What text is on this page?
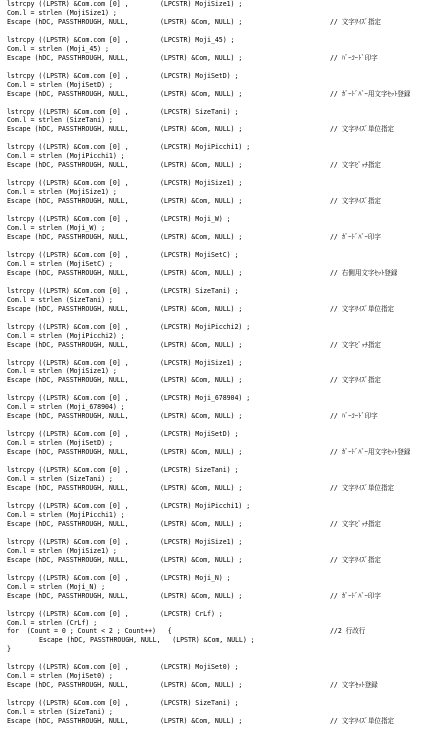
lstrcpy ((LPSTR) &Com.com [0] ,	(LPCSTR) MojiSize1) ;
Com.l = strlen (MojiSize1) ;
Escape (hDC, PASSTHROUGH, NULL,	(LPSTR) &Com, NULL) ;	// 文字ｻｲｽﾞ指定
lstrcpy ((LPSTR) &Com.com [0] ,	(LPCSTR) Moji_45) ;
Com.l = strlen (Moji_45) ;
Escape (hDC, PASSTHROUGH, NULL,	(LPSTR) &Com, NULL) ;	// ﾊﾞｰｺｰﾄﾞ印字
lstrcpy ((LPSTR) &Com.com [0] ,	(LPCSTR) MojiSetD) ;
Com.l = strlen (MojiSetD) ;
Escape (hDC, PASSTHROUGH, NULL,	(LPSTR) &Com, NULL) ;	// ｶﾞｰﾄﾞﾊﾞｰ用文字ｾｯﾄ登録
lstrcpy ((LPSTR) &Com.com [0] ,	(LPCSTR) SizeTani) ;
Com.l = strlen (SizeTani) ;
Escape (hDC, PASSTHROUGH, NULL,	(LPSTR) &Com, NULL) ;	// 文字ｻｲｽﾞ単位指定
lstrcpy ((LPSTR) &Com.com [0] ,	(LPCSTR) MojiPicchi1) ;
Com.l = strlen (MojiPicchi1) ;
Escape (hDC, PASSTHROUGH, NULL,	(LPSTR) &Com, NULL) ;	// 文字ﾋﾟｯﾁ指定
lstrcpy ((LPSTR) &Com.com [0] ,	(LPCSTR) MojiSize1) ;
Com.l = strlen (MojiSize1) ;
Escape (hDC, PASSTHROUGH, NULL,	(LPSTR) &Com, NULL) ;	// 文字ｻｲｽﾞ指定
lstrcpy ((LPSTR) &Com.com [0] ,	(LPCSTR) Moji_W) ;
Com.l = strlen (Moji_W) ;
Escape (hDC, PASSTHROUGH, NULL,	(LPSTR) &Com, NULL) ;	// ｶﾞｰﾄﾞﾊﾞｰ印字
lstrcpy ((LPSTR) &Com.com [0] ,	(LPCSTR) MojiSetC) ;
Com.l = strlen (MojiSetC) ;
Escape (hDC, PASSTHROUGH, NULL,	(LPSTR) &Com, NULL) ;	// 右側用文字ｾｯﾄ登録
lstrcpy ((LPSTR) &Com.com [0] ,	(LPCSTR) SizeTani) ;
Com.l = strlen (SizeTani) ;
Escape (hDC, PASSTHROUGH, NULL,	(LPSTR) &Com, NULL) ;	// 文字ｻｲｽﾞ単位指定
lstrcpy ((LPSTR) &Com.com [0] ,	(LPCSTR) MojiPicchi2) ;
Com.l = strlen (MojiPicchi2) ;
Escape (hDC, PASSTHROUGH, NULL,	(LPSTR) &Com, NULL) ;	// 文字ﾋﾟｯﾁ指定
lstrcpy ((LPSTR) &Com.com [0] ,	(LPCSTR) MojiSize1) ;
Com.l = strlen (MojiSize1) ;
Escape (hDC, PASSTHROUGH, NULL,	(LPSTR) &Com, NULL) ;	// 文字ｻｲｽﾞ指定
lstrcpy ((LPSTR) &Com.com [0] ,	(LPCSTR) Moji_678904) ;
Com.l = strlen (Moji_678904) ;
Escape (hDC, PASSTHROUGH, NULL,	(LPSTR) &Com, NULL) ;	// ﾊﾞｰｺｰﾄﾞ印字
lstrcpy ((LPSTR) &Com.com [0] ,	(LPCSTR) MojiSetD) ;
Com.l = strlen (MojiSetD) ;
Escape (hDC, PASSTHROUGH, NULL,	(LPSTR) &Com, NULL) ;	// ｶﾞｰﾄﾞﾊﾞｰ用文字ｾｯﾄ登録
lstrcpy ((LPSTR) &Com.com [0] ,	(LPCSTR) SizeTani) ;
Com.l = strlen (SizeTani) ;
Escape (hDC, PASSTHROUGH, NULL,	(LPSTR) &Com, NULL) ;	// 文字ｻｲｽﾞ単位指定
lstrcpy ((LPSTR) &Com.com [0] ,	(LPCSTR) MojiPicchi1) ;
Com.l = strlen (MojiPicchi1) ;
Escape (hDC, PASSTHROUGH, NULL,	(LPSTR) &Com, NULL) ;	// 文字ﾋﾟｯﾁ指定
lstrcpy ((LPSTR) &Com.com [0] ,	(LPCSTR) MojiSize1) ;
Com.l = strlen (MojiSize1) ;
Escape (hDC, PASSTHROUGH, NULL,	(LPSTR) &Com, NULL) ;	// 文字ｻｲｽﾞ指定
lstrcpy ((LPSTR) &Com.com [0] ,	(LPCSTR) Moji_N) ;
Com.l = strlen (Moji_N) ;
Escape (hDC, PASSTHROUGH, NULL,	(LPSTR) &Com, NULL) ;	// ｶﾞｰﾄﾞﾊﾞｰ印字

lstrcpy ((LPSTR) &Com.com [0] ,

	(LPCSTR) CrLf) ;

Com.l = strlen (CrLf) ;

for  (Count = 0 ; Count < 2 ; Count++)   {

	//2 行改行

Escape (hDC, PASSTHROUGH, NULL,   (LPSTR) &Com, NULL) ;

}

lstrcpy ((LPSTR) &Com.com [0] ,	(LPCSTR) MojiSet0) ;
Com.l = strlen (MojiSet0) ;
Escape (hDC, PASSTHROUGH, NULL,	(LPSTR) &Com, NULL) ;	// 文字ｾｯﾄ登録
lstrcpy ((LPSTR) &Com.com [0] ,	(LPCSTR) SizeTani) ;
Com.l = strlen (SizeTani) ;
Escape (hDC, PASSTHROUGH, NULL,	(LPSTR) &Com, NULL) ;	// 文字ｻｲｽﾞ単位指定
